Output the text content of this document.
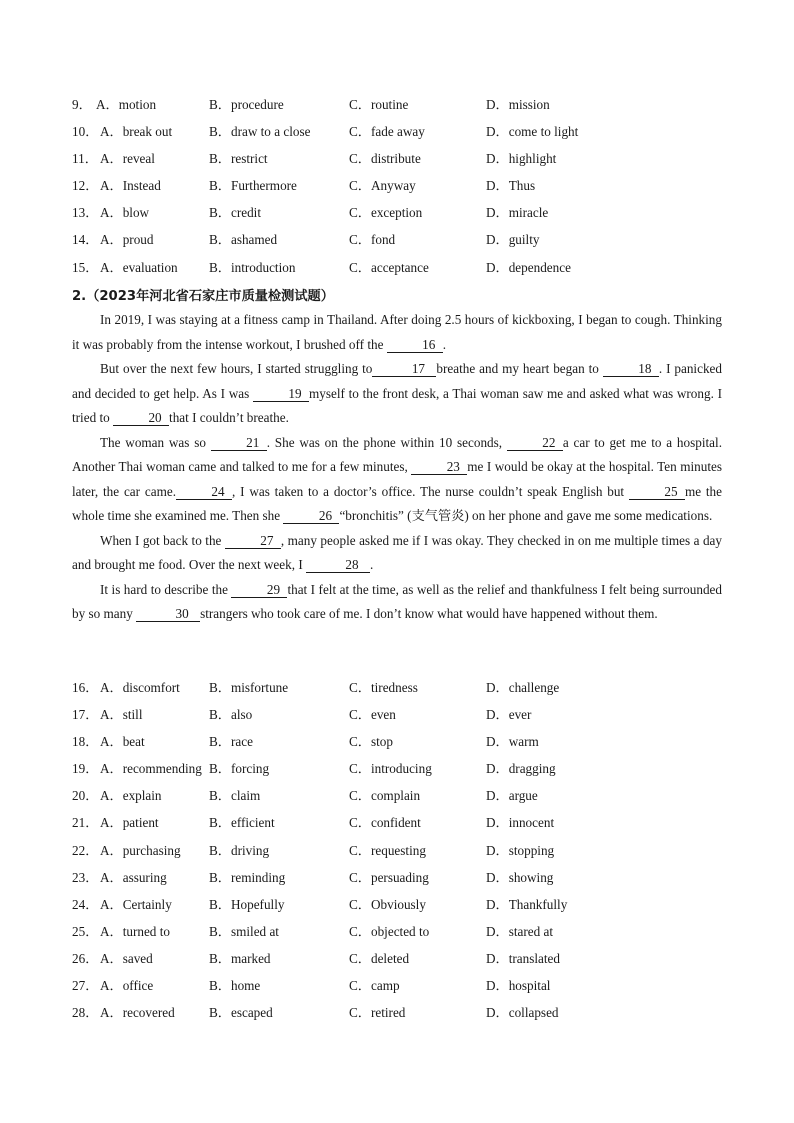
9． A．motion	B．procedure	C．routine	D．mission
10． A．break out	B．draw to a close	C．fade away	D．come to light
11． A．reveal	B．restrict	C．distribute	D．highlight
12． A．Instead	B．Furthermore	C．Anyway	D．Thus
13． A．blow	B．credit	C．exception	D．miracle
14． A．proud	B．ashamed	C．fond	D．guilty
15． A．evaluation B．introduction	C．acceptance	D．dependence
2.（2023年河北省石家庄市质量检测试题）

In 2019, I was staying at a fitness camp in Thailand. After doing 2.5 hours of kickboxing, I began to cough. Thinking it was probably from the intense workout, I brushed off the	16 .

But over the next few hours, I started struggling to	17 breathe and my heart began to	18 . I panicked and decided to get help. As I was	19 myself to the front desk, a Thai woman saw me and asked what was wrong. I tried to	20 that I couldn’t breathe.

The woman was so	21 . She was on the phone within 10 seconds,	22 a car to get me to a hospital. Another Thai woman came and talked to me for a few minutes,	23 me I would be okay at the hospital. Ten minutes later, the car came.	24 , I was taken to a doctor’s office. The nurse couldn’t speak English but	25 me the whole time she examined me. Then she	26 “bronchitis” (支气管炎) on her phone and gave me some medications.

When I got back to the	27 , many people asked me if I was okay. They checked in on me multiple times a day and brought me food. Over the next week, I	28 .

It is hard to describe the	29 that I felt at the time, as well as the relief and thankfulness I felt being surrounded by so many	30 strangers who took care of me. I don’t know what would have happened without them.

16． A．discomfort B．misfortune	C．tiredness	D．challenge
17． A．still	B．also	C．even	D．ever
18． A．beat	B．race	C．stop	D．warm
19． A．recommending B．forcing	C．introducing	D．dragging
20． A．explain	B．claim	C．complain	D．argue
21． A．patient	B．efficient	C．confident	D．innocent
22． A．purchasing B．driving	C．requesting	D．stopping
23． A．assuring	B．reminding	C．persuading	D．showing
24． A．Certainly	B．Hopefully	C．Obviously	D．Thankfully
25． A．turned to	B．smiled at	C．objected to	D．stared at
26． A．saved	B．marked	C．deleted	D．translated
27． A．office	B．home	C．camp	D．hospital
28． A．recovered	B．escaped	C．retired	D．collapsed
